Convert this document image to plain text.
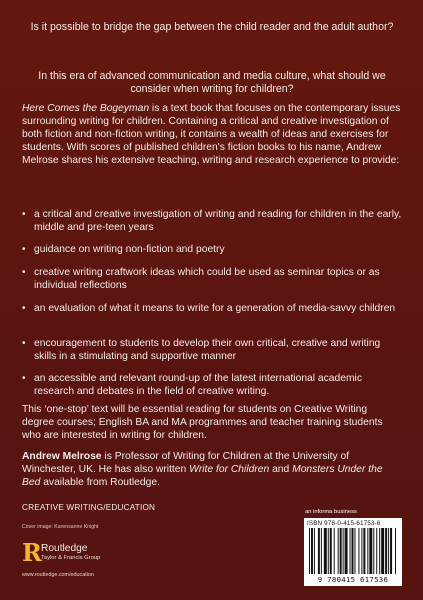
Is it possible to bridge the gap between the child reader and the adult author?
In this era of advanced communication and media culture, what should we consider when writing for children?
Here Comes the Bogeyman is a text book that focuses on the contemporary issues surrounding writing for children. Containing a critical and creative investigation of both fiction and non-fiction writing, it contains a wealth of ideas and exercises for students. With scores of published children's fiction books to his name, Andrew Melrose shares his extensive teaching, writing and research experience to provide:
• a critical and creative investigation of writing and reading for children in the early, middle and pre-teen years
• guidance on writing non-fiction and poetry
• creative writing craftwork ideas which could be used as seminar topics or as individual reflections
• an evaluation of what it means to write for a generation of media-savvy children
• encouragement to students to develop their own critical, creative and writing skills in a stimulating and supportive manner
• an accessible and relevant round-up of the latest international academic research and debates in the field of creative writing.
This ‘one-stop’ text will be essential reading for students on Creative Writing degree courses; English BA and MA programmes and teacher training students who are interested in writing for children.
Andrew Melrose is Professor of Writing for Children at the University of Winchester, UK. He has also written Write for Children and Monsters Under the Bed available from Routledge.
CREATIVE WRITING/EDUCATION
Cover image: Karensanne Knight
R Routledge
Taylor & Francis Group
www.routledge.com/education
an informa business
ISBN 978-0-415-61753-6
9 780415 617536
